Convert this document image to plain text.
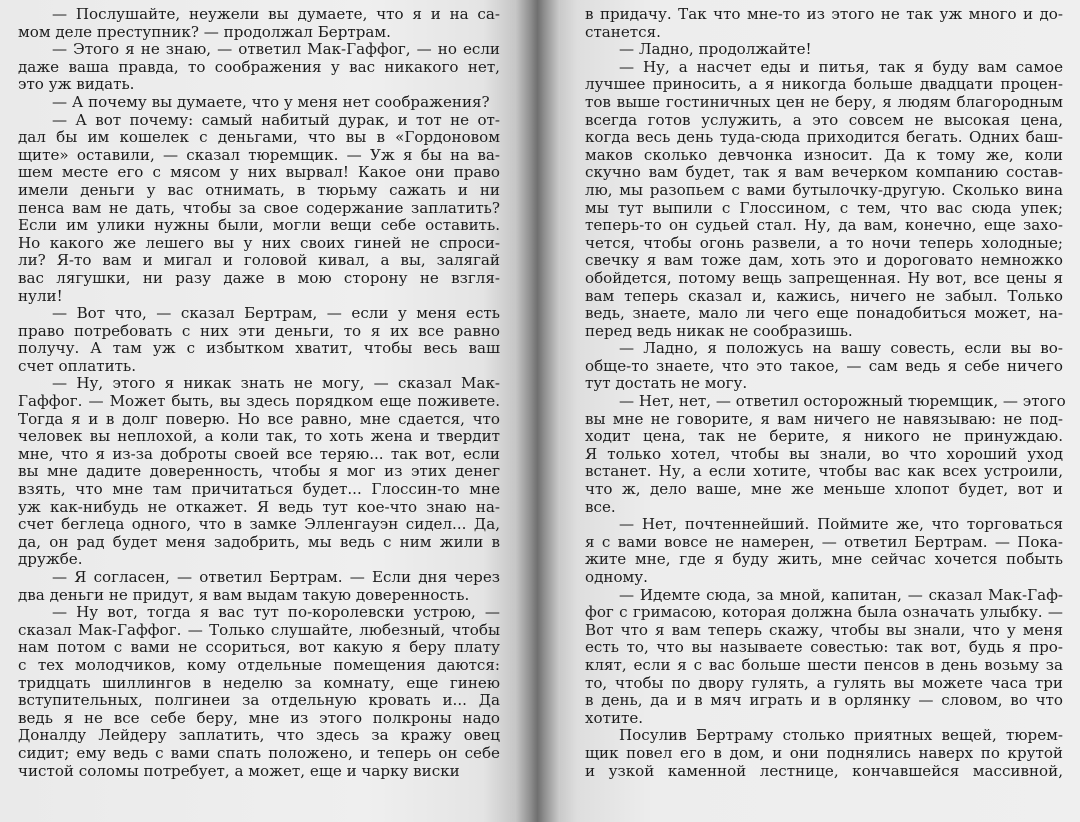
— Послушайте, неужели вы думаете, что я и на са-
мом деле преступник? — продолжал Бертрам.
— Этого я не знаю, — ответил Мак-Гаффог, — но если
даже ваша правда, то соображения у вас никакого нет,
это уж видать.
— А почему вы думаете, что у меня нет соображения?
— А вот почему: самый набитый дурак, и тот не от-
дал бы им кошелек с деньгами, что вы в «Гордоновом
щите» оставили, — сказал тюремщик. — Уж я бы на ва-
шем месте его с мясом у них вырвал! Какое они право
имели деньги у вас отнимать, в тюрьму сажать и ни
пенса вам не дать, чтобы за свое содержание заплатить?
Если им улики нужны были, могли вещи себе оставить.
Но какого же лешего вы у них своих гиней не спроси-
ли? Я-то вам и мигал и головой кивал, а вы, залягай
вас лягушки, ни разу даже в мою сторону не взгля-
нули!
— Вот что, — сказал Бертрам, — если у меня есть
право потребовать с них эти деньги, то я их все равно
получу. А там уж с избытком хватит, чтобы весь ваш
счет оплатить.
— Ну, этого я никак знать не могу, — сказал Мак-
Гаффог. — Может быть, вы здесь порядком еще поживете.
Тогда я и в долг поверю. Но все равно, мне сдается, что
человек вы неплохой, а коли так, то хоть жена и твердит
мне, что я из-за доброты своей все теряю... так вот, если
вы мне дадите доверенность, чтобы я мог из этих денег
взять, что мне там причитаться будет... Глоссин-то мне
уж как-нибудь не откажет. Я ведь тут кое-что знаю на-
счет беглеца одного, что в замке Элленгауэн сидел... Да,
да, он рад будет меня задобрить, мы ведь с ним жили в
дружбе.
— Я согласен, — ответил Бертрам. — Если дня через
два деньги не придут, я вам выдам такую доверенность.
— Ну вот, тогда я вас тут по-королевски устрою, —
сказал Мак-Гаффог. — Только слушайте, любезный, чтобы
нам потом с вами не ссориться, вот какую я беру плату
с тех молодчиков, кому отдельные помещения даются:
тридцать шиллингов в неделю за комнату, еще гинею
вступительных, полгинеи за отдельную кровать и... Да
ведь я не все себе беру, мне из этого полкроны надо
Доналду Лейдеру заплатить, что здесь за кражу овец
сидит; ему ведь с вами спать положено, и теперь он себе
чистой соломы потребует, а может, еще и чарку виски
в придачу. Так что мне-то из этого не так уж много и до-
станется.
— Ладно, продолжайте!
— Ну, а насчет еды и питья, так я буду вам самое
лучшее приносить, а я никогда больше двадцати процен-
тов выше гостиничных цен не беру, я людям благородным
всегда готов услужить, а это совсем не высокая цена,
когда весь день туда-сюда приходится бегать. Одних баш-
маков сколько девчонка износит. Да к тому же, коли
скучно вам будет, так я вам вечерком компанию состав-
лю, мы разопьем с вами бутылочку-другую. Сколько вина
мы тут выпили с Глоссином, с тем, что вас сюда упек;
теперь-то он судьей стал. Ну, да вам, конечно, еще захо-
чется, чтобы огонь развели, а то ночи теперь холодные;
свечку я вам тоже дам, хоть это и дороговато немножко
обойдется, потому вещь запрещенная. Ну вот, все цены я
вам теперь сказал и, кажись, ничего не забыл. Только
ведь, знаете, мало ли чего еще понадобиться может, на-
перед ведь никак не сообразишь.
— Ладно, я положусь на вашу совесть, если вы во-
обще-то знаете, что это такое, — сам ведь я себе ничего
тут достать не могу.
— Нет, нет, — ответил осторожный тюремщик, — этого
вы мне не говорите, я вам ничего не навязываю: не под-
ходит цена, так не берите, я никого не принуждаю.
Я только хотел, чтобы вы знали, во что хороший уход
встанет. Ну, а если хотите, чтобы вас как всех устроили,
что ж, дело ваше, мне же меньше хлопот будет, вот и
все.
— Нет, почтеннейший. Поймите же, что торговаться
я с вами вовсе не намерен, — ответил Бертрам. — Пока-
жите мне, где я буду жить, мне сейчас хочется побыть
одному.
— Идемте сюда, за мной, капитан, — сказал Мак-Гаф-
фог с гримасою, которая должна была означать улыбку. —
Вот что я вам теперь скажу, чтобы вы знали, что у меня
есть то, что вы называете совестью: так вот, будь я про-
клят, если я с вас больше шести пенсов в день возьму за
то, чтобы по двору гулять, а гулять вы можете часа три
в день, да и в мяч играть и в орлянку — словом, во что
хотите.
Посулив Бертраму столько приятных вещей, тюрем-
щик повел его в дом, и они поднялись наверх по крутой
и узкой каменной лестнице, кончавшейся массивной,
